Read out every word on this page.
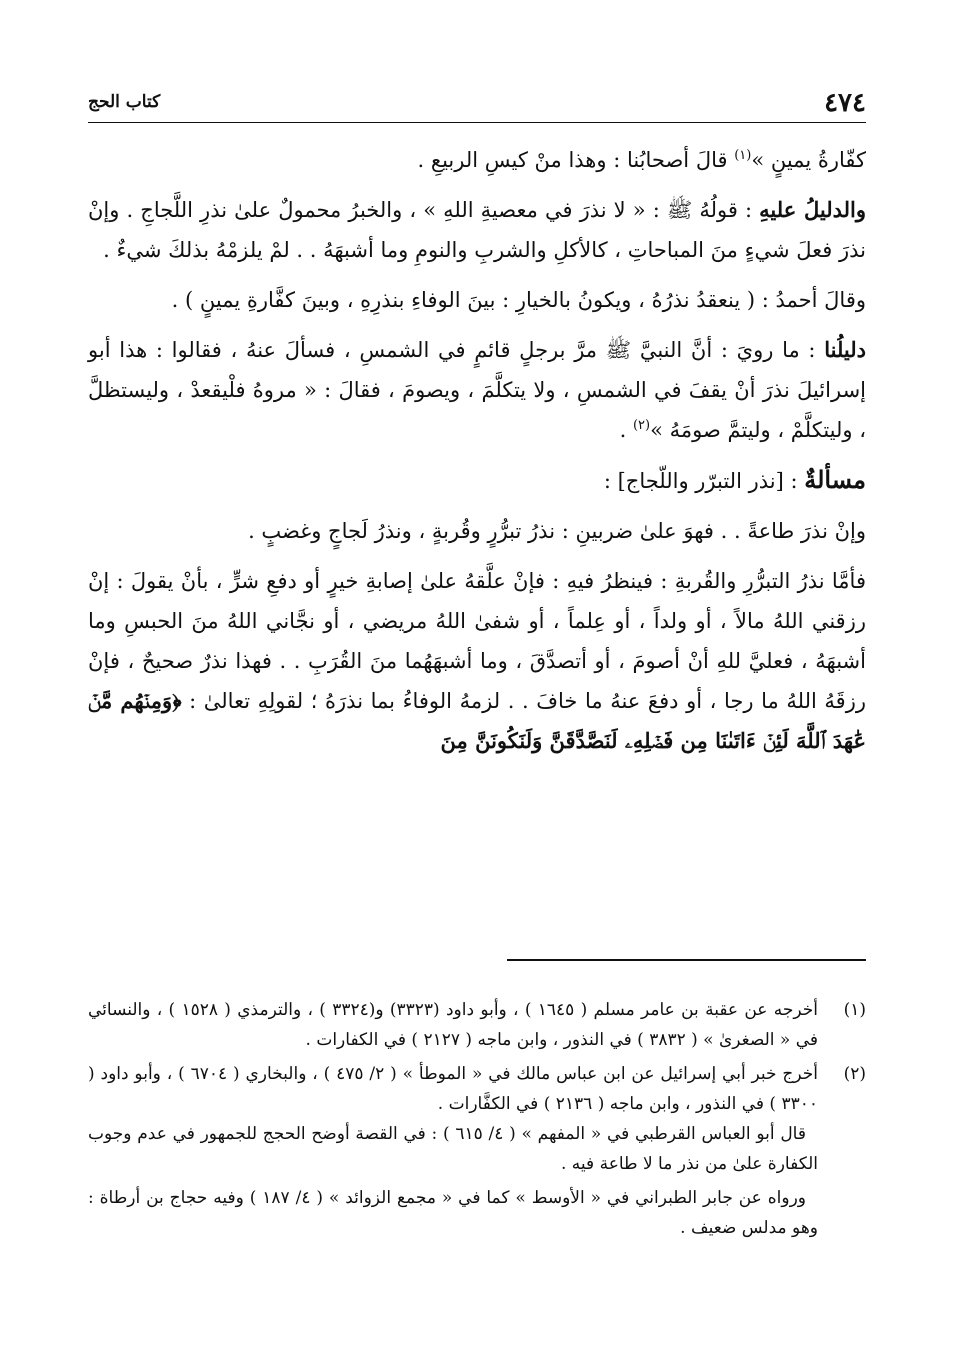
٤٧٤
كتاب الحج

كفّارةُ يمينٍ »$^{(١)}$ قالَ أصحابُنا : وهذا منْ كيسِ الربيعِ .

والدليلُ عليهِ : قولُهُ ﷺ : « لا نذرَ في معصيةِ اللهِ » ، والخبرُ محمولٌ علىٰ نذرِ اللَّجاجِ . وإنْ نذرَ فعلَ شيءٍ منَ المباحاتِ ، كالأكلِ والشربِ والنومِ وما أشبهَهُ . . لمْ يلزمْهُ بذلكَ شيءٌ .

وقالَ أحمدُ : ( ينعقدُ نذرُهُ ، ويكونُ بالخيارِ : بينَ الوفاءِ بنذرِهِ ، وبينَ كفَّارةِ يمينٍ ) .

دليلُنا : ما رويَ : أنَّ النبيَّ ﷺ مرَّ برجلٍ قائمٍ في الشمسِ ، فسألَ عنهُ ، فقالوا : هذا أبو إسرائيلَ نذرَ أنْ يقفَ في الشمسِ ، ولا يتكلَّمَ ، ويصومَ ، فقالَ : « مروهُ فلْيقعدْ ، وليستظلَّ ، وليتكلَّمْ ، وليتمَّ صومَهُ »$^{(٢)}$ .

مسألةٌ : [نذر التبرّر واللّجاج] :

وإنْ نذرَ طاعةً . . فهوَ علىٰ ضربينِ : نذرُ تبرُّرٍ وقُربةٍ ، ونذرُ لَجاجٍ وغضبٍ .

فأمَّا نذرُ التبرُّرِ والقُربةِ : فينظرُ فيهِ : فإنْ علَّقهُ علىٰ إصابةِ خيرٍ أو دفعِ شرٍّ ، بأنْ يقولَ : إنْ رزقني اللهُ مالاً ، أو ولداً ، أو عِلماً ، أو شفىٰ اللهُ مريضي ، أو نجَّاني اللهُ منَ الحبسِ وما أشبهَهُ ، فعليَّ للهِ أنْ أصومَ ، أو أتصدَّقَ ، وما أشبهَهُما منَ القُرَبِ . . فهذا نذرٌ صحيحٌ ، فإنْ رزقَهُ اللهُ ما رجا ، أو دفعَ عنهُ ما خافَ . . لزمهُ الوفاءُ بما نذرَهُ ؛ لقولِهِ تعالىٰ : ﴿وَمِنۡهُم مَّنۡ عَٰهَدَ ٱللَّهَ لَئِنۡ ءَاتَىٰنَا مِن فَضۡلِهِۦ لَنَصَّدَّقَنَّ وَلَنَكُونَنَّ مِنَ

(١)
أخرجه عن عقبة بن عامر مسلم ( ١٦٤٥ ) ، وأبو داود (٣٣٢٣) و(٣٣٢٤ ) ، والترمذي ( ١٥٢٨ ) ، والنسائي في « الصغرىٰ » ( ٣٨٣٢ ) في النذور ، وابن ماجه ( ٢١٢٧ ) في الكفارات .
(٢)
أخرج خبر أبي إسرائيل عن ابن عباس مالك في « الموطأ » ( ٢/ ٤٧٥ ) ، والبخاري ( ٦٧٠٤ ) ، وأبو داود ( ٣٣٠٠ ) في النذور ، وابن ماجه ( ٢١٣٦ ) في الكفَّارات .

قال أبو العباس القرطبي في « المفهم » ( ٤/ ٦١٥ ) : في القصة أوضح الحجج للجمهور في عدم وجوب الكفارة علىٰ من نذر ما لا طاعة فيه .

ورواه عن جابر الطبراني في « الأوسط » كما في « مجمع الزوائد » ( ٤/ ١٨٧ ) وفيه حجاج بن أرطاة : وهو مدلس ضعيف .
